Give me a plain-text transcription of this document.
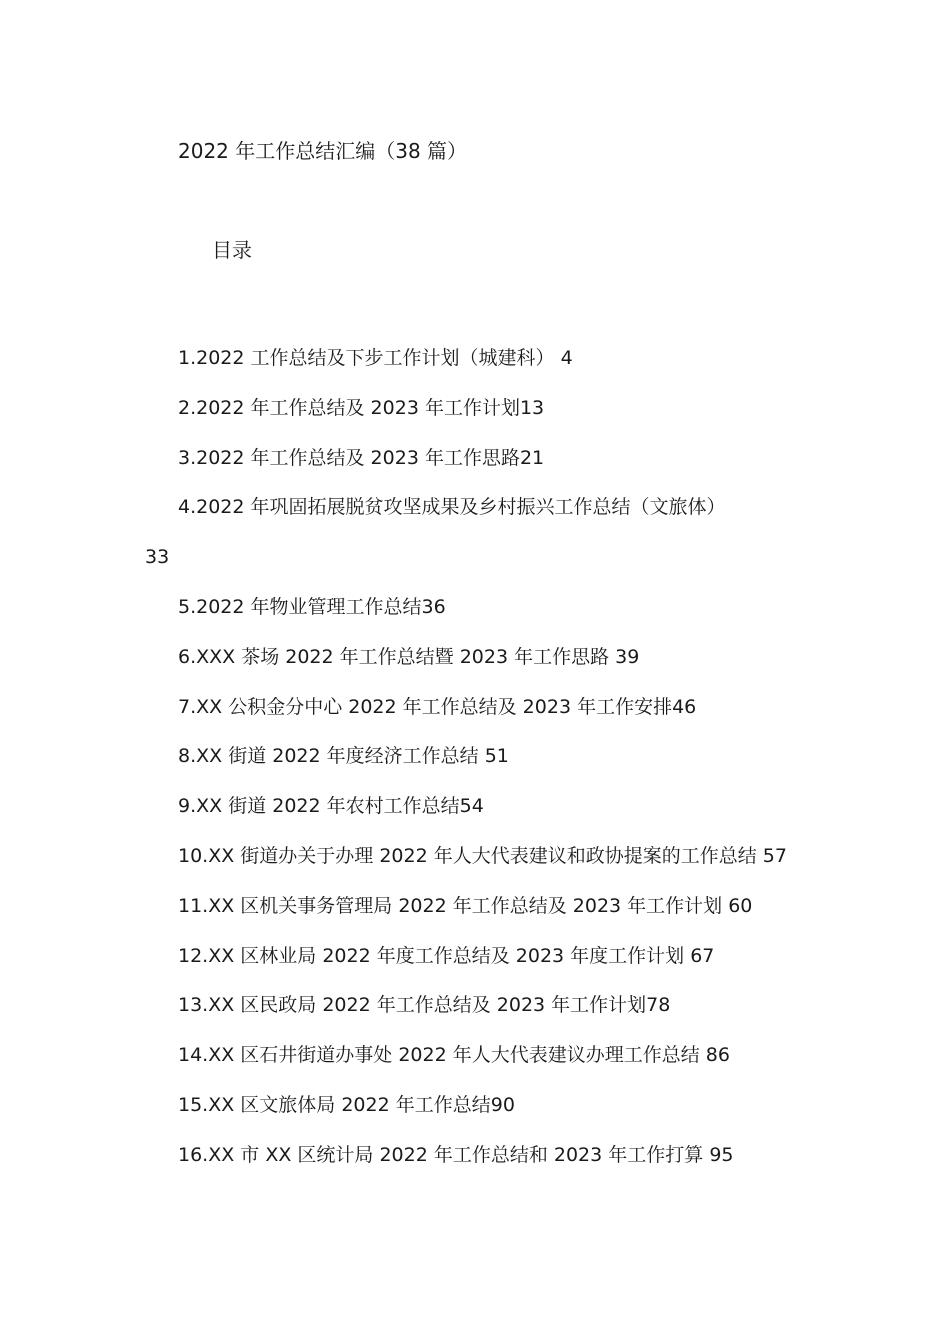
2022 年工作总结汇编（38 篇）
目录
1.2022 工作总结及下步工作计划（城建科） 4
2.2022 年工作总结及 2023 年工作计划13
3.2022 年工作总结及 2023 年工作思路21
4.2022 年巩固拓展脱贫攻坚成果及乡村振兴工作总结（文旅体）
33
5.2022 年物业管理工作总结36
6.XXX 茶场 2022 年工作总结暨 2023 年工作思路 39
7.XX 公积金分中心 2022 年工作总结及 2023 年工作安排46
8.XX 街道 2022 年度经济工作总结 51
9.XX 街道 2022 年农村工作总结54
10.XX 街道办关于办理 2022 年人大代表建议和政协提案的工作总结 57
11.XX 区机关事务管理局 2022 年工作总结及 2023 年工作计划 60
12.XX 区林业局 2022 年度工作总结及 2023 年度工作计划 67
13.XX 区民政局 2022 年工作总结及 2023 年工作计划78
14.XX 区石井街道办事处 2022 年人大代表建议办理工作总结 86
15.XX 区文旅体局 2022 年工作总结90
16.XX 市 XX 区统计局 2022 年工作总结和 2023 年工作打算 95
